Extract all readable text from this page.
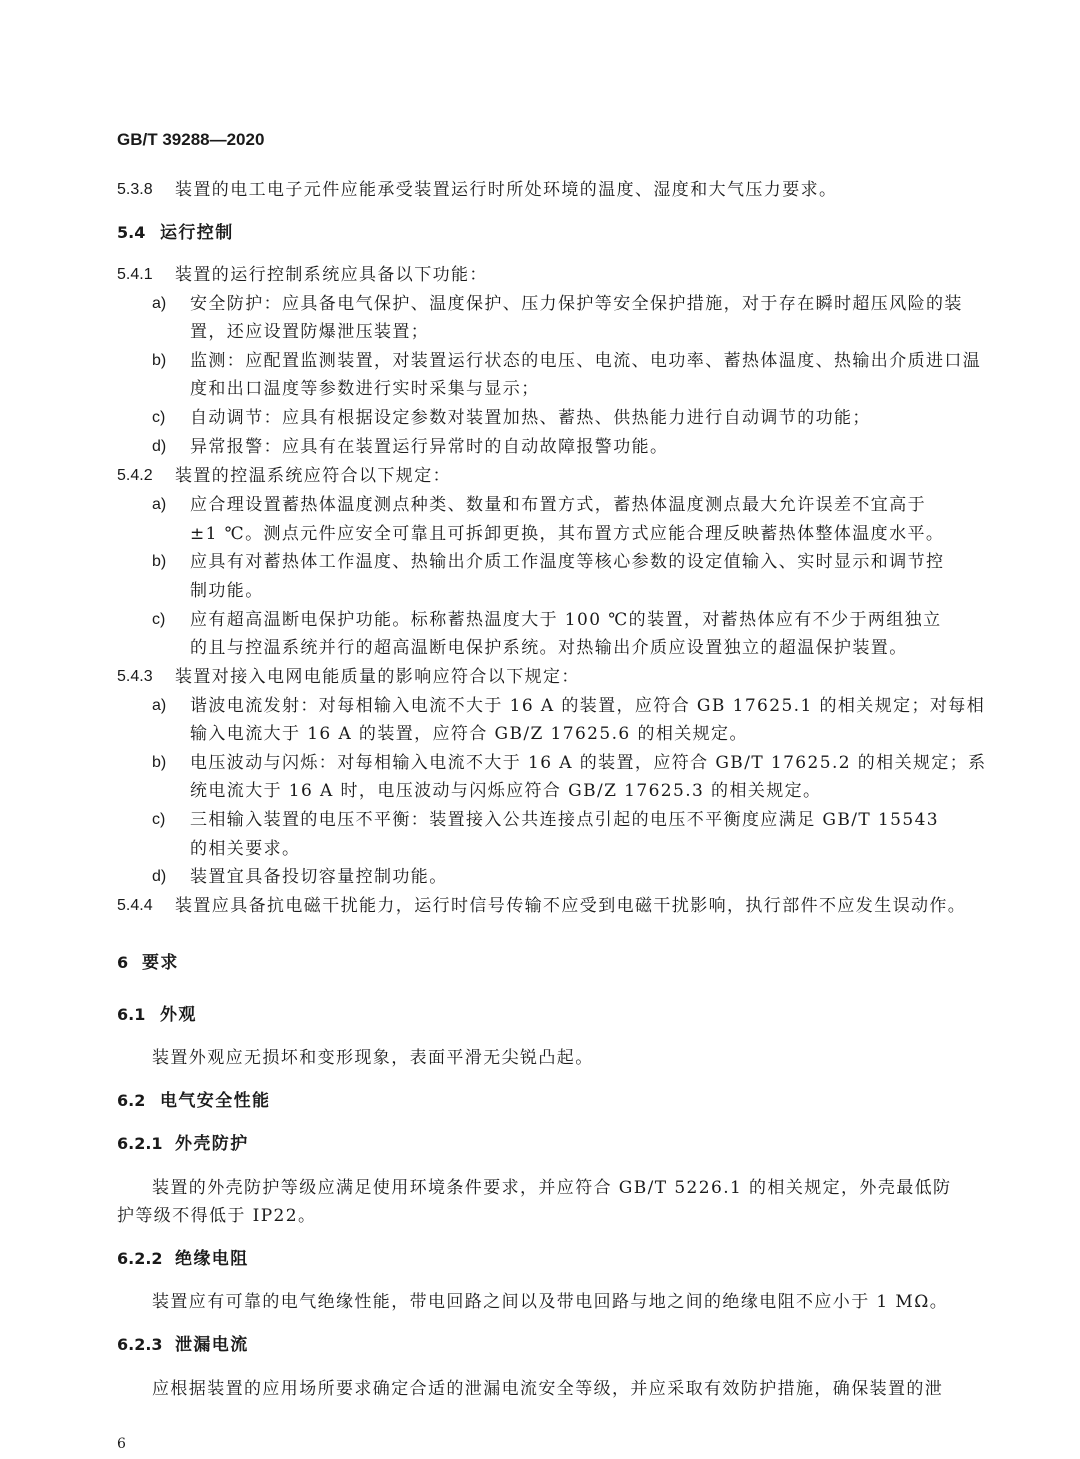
GB/T 39288—2020
5.3.8 装置的电工电子元件应能承受装置运行时所处环境的温度、湿度和大气压力要求。
5.4 运行控制
5.4.1 装置的运行控制系统应具备以下功能：
a) 安全防护：应具备电气保护、温度保护、压力保护等安全保护措施，对于存在瞬时超压风险的装
置，还应设置防爆泄压装置；
b) 监测：应配置监测装置，对装置运行状态的电压、电流、电功率、蓄热体温度、热输出介质进口温
度和出口温度等参数进行实时采集与显示；
c) 自动调节：应具有根据设定参数对装置加热、蓄热、供热能力进行自动调节的功能；
d) 异常报警：应具有在装置运行异常时的自动故障报警功能。
5.4.2 装置的控温系统应符合以下规定：
a) 应合理设置蓄热体温度测点种类、数量和布置方式，蓄热体温度测点最大允许误差不宜高于
±1 ℃。测点元件应安全可靠且可拆卸更换，其布置方式应能合理反映蓄热体整体温度水平。
b) 应具有对蓄热体工作温度、热输出介质工作温度等核心参数的设定值输入、实时显示和调节控
制功能。
c) 应有超高温断电保护功能。标称蓄热温度大于 100 ℃的装置，对蓄热体应有不少于两组独立
的且与控温系统并行的超高温断电保护系统。对热输出介质应设置独立的超温保护装置。
5.4.3 装置对接入电网电能质量的影响应符合以下规定：
a) 谐波电流发射：对每相输入电流不大于 16 A 的装置，应符合 GB 17625.1 的相关规定；对每相
输入电流大于 16 A 的装置，应符合 GB/Z 17625.6 的相关规定。
b) 电压波动与闪烁：对每相输入电流不大于 16 A 的装置，应符合 GB/T 17625.2 的相关规定；系
统电流大于 16 A 时，电压波动与闪烁应符合 GB/Z 17625.3 的相关规定。
c) 三相输入装置的电压不平衡：装置接入公共连接点引起的电压不平衡度应满足 GB/T 15543
的相关要求。
d) 装置宜具备投切容量控制功能。
5.4.4 装置应具备抗电磁干扰能力，运行时信号传输不应受到电磁干扰影响，执行部件不应发生误动作。
6 要求
6.1 外观
装置外观应无损坏和变形现象，表面平滑无尖锐凸起。
6.2 电气安全性能
6.2.1 外壳防护
装置的外壳防护等级应满足使用环境条件要求，并应符合 GB/T 5226.1 的相关规定，外壳最低防
护等级不得低于 IP22。
6.2.2 绝缘电阻
装置应有可靠的电气绝缘性能，带电回路之间以及带电回路与地之间的绝缘电阻不应小于 1 MΩ。
6.2.3 泄漏电流
应根据装置的应用场所要求确定合适的泄漏电流安全等级，并应采取有效防护措施，确保装置的泄
6
